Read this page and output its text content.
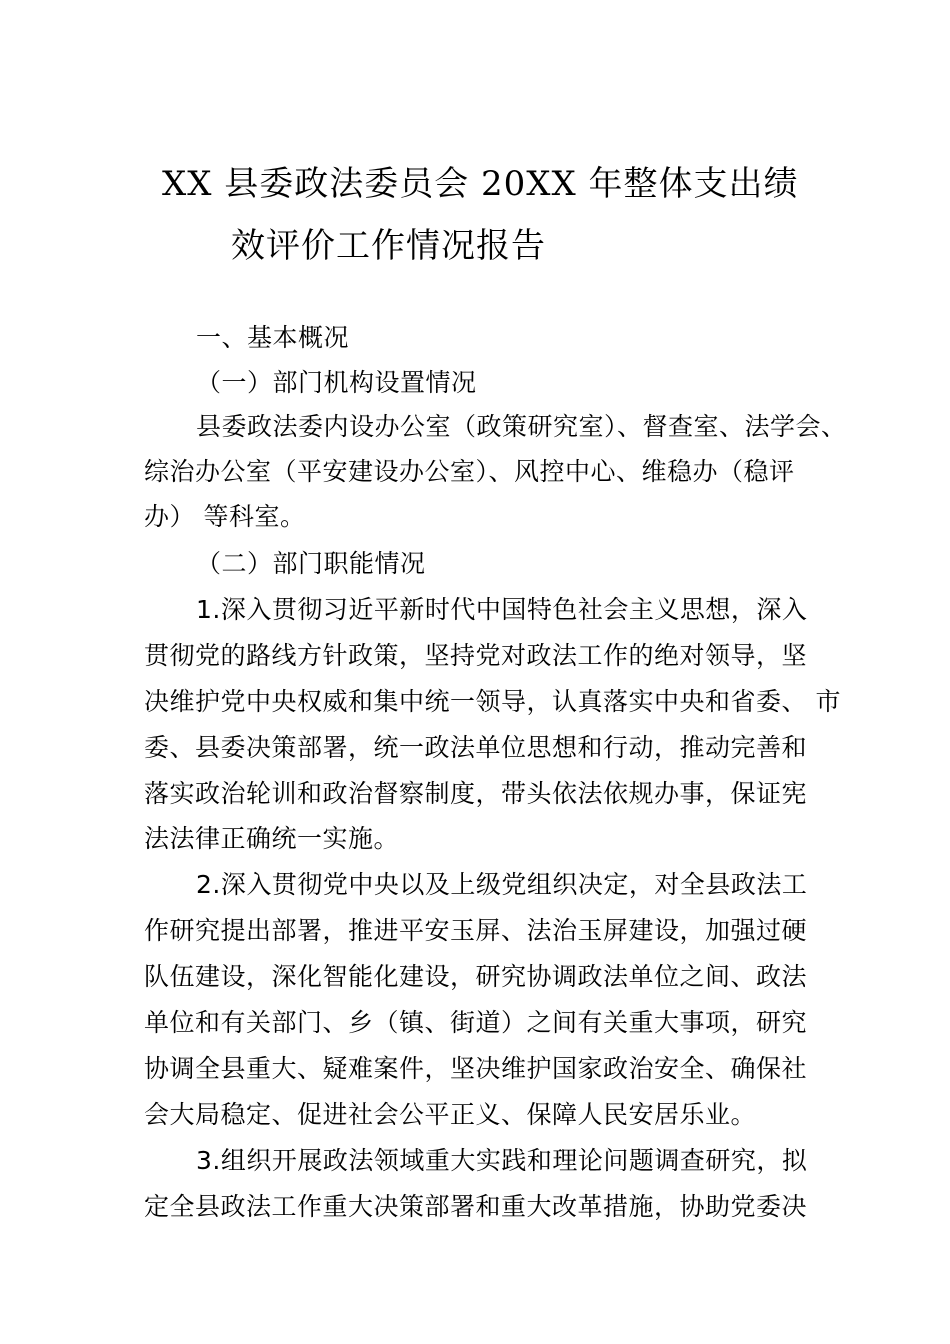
XX 县委政法委员会 20XX 年整体支出绩
效评价工作情况报告
一、基本概况
（一）部门机构设置情况
县委政法委内设办公室（政策研究室）、督查室、法学会、
综治办公室（平安建设办公室）、风控中心、维稳办（稳评
办） 等科室。
（二）部门职能情况
1.深入贯彻习近平新时代中国特色社会主义思想，深入
贯彻党的路线方针政策，坚持党对政法工作的绝对领导，坚
决维护党中央权威和集中统一领导，认真落实中央和省委、 市
委、县委决策部署，统一政法单位思想和行动，推动完善和
落实政治轮训和政治督察制度，带头依法依规办事，保证宪
法法律正确统一实施。
2.深入贯彻党中央以及上级党组织决定，对全县政法工
作研究提出部署，推进平安玉屏、法治玉屏建设，加强过硬
队伍建设，深化智能化建设，研究协调政法单位之间、政法
单位和有关部门、乡（镇、街道）之间有关重大事项，研究
协调全县重大、疑难案件，坚决维护国家政治安全、确保社
会大局稳定、促进社会公平正义、保障人民安居乐业。
3.组织开展政法领域重大实践和理论问题调查研究，拟
定全县政法工作重大决策部署和重大改革措施，协助党委决
